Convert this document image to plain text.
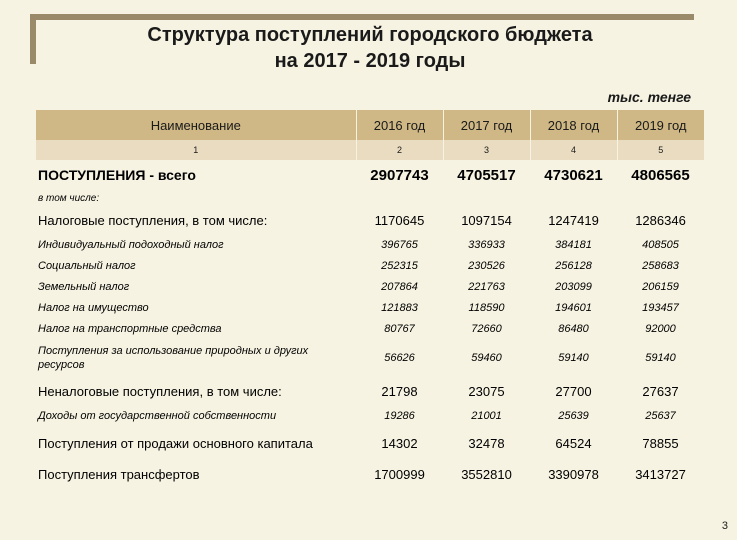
Структура поступлений городского бюджета
на 2017 - 2019 годы
тыс. тенге
Наименование	2016 год	2017 год	2018 год	2019 год
1	2	3	4	5
ПОСТУПЛЕНИЯ - всего	2907743	4705517	4730621	4806565
в том числе:				
Налоговые поступления, в том числе:	1170645	1097154	1247419	1286346
Индивидуальный подоходный налог	396765	336933	384181	408505
Социальный налог	252315	230526	256128	258683
Земельный налог	207864	221763	203099	206159
Налог на имущество	121883	118590	194601	193457
Налог на транспортные средства	80767	72660	86480	92000
Поступления за использование природных и других ресурсов	56626	59460	59140	59140
Неналоговые поступления, в том числе:	21798	23075	27700	27637
Доходы от государственной собственности	19286	21001	25639	25637
Поступления от продажи основного капитала	14302	32478	64524	78855
Поступления трансфертов	1700999	3552810	3390978	3413727
3
